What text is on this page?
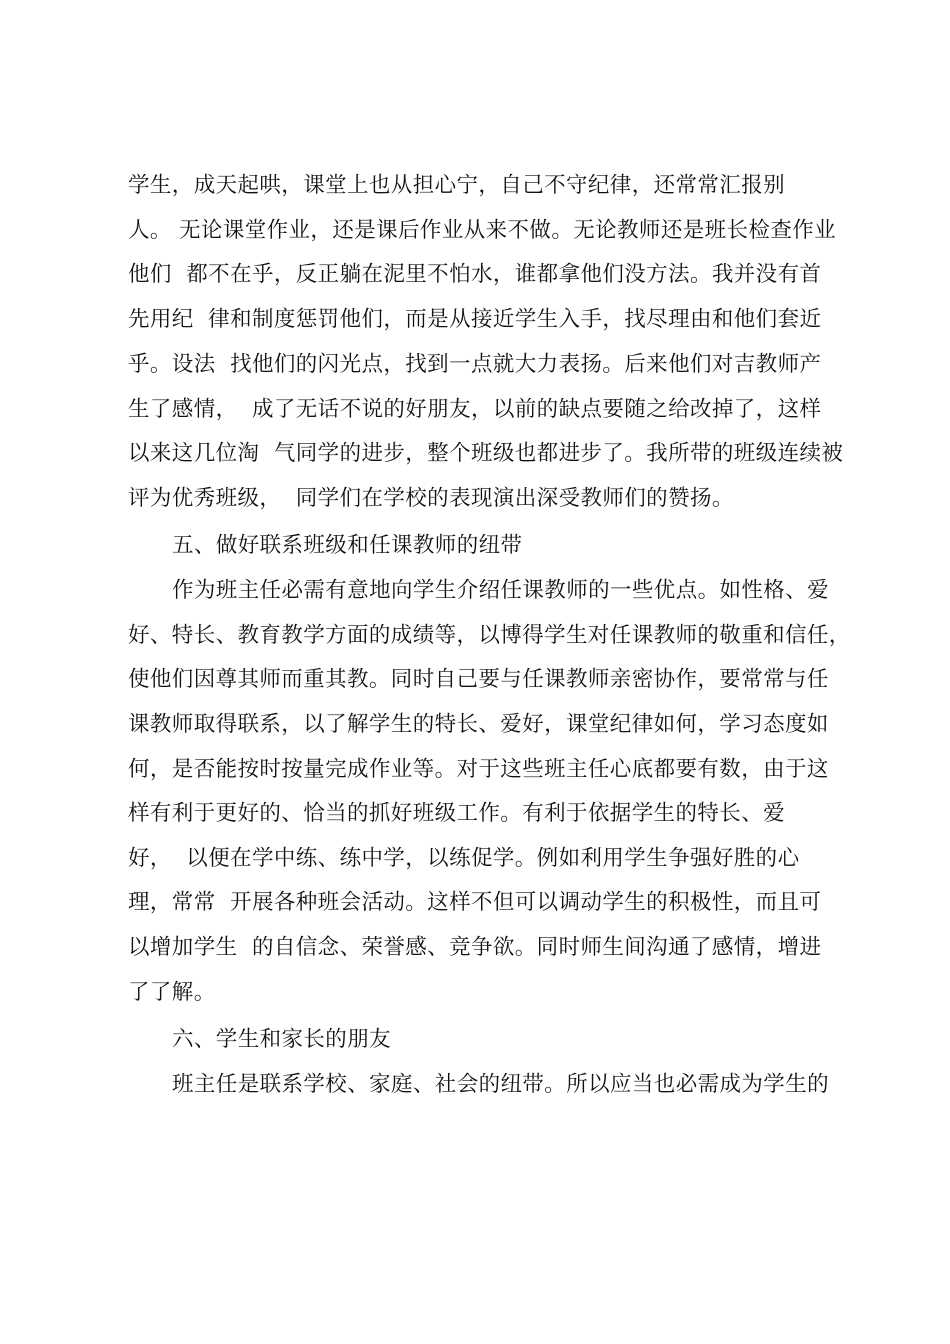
学生，成天起哄，课堂上也从担心宁，自己不守纪律，还常常汇报别
人。 无论课堂作业，还是课后作业从来不做。无论教师还是班长检查作业
他们  都不在乎，反正躺在泥里不怕水，谁都拿他们没方法。我并没有首
先用纪  律和制度惩罚他们，而是从接近学生入手，找尽理由和他们套近
乎。设法  找他们的闪光点，找到一点就大力表扬。后来他们对吉教师产
生了感情，  成了无话不说的好朋友，以前的缺点要随之给改掉了，这样
以来这几位淘  气同学的进步，整个班级也都进步了。我所带的班级连续被
评为优秀班级，  同学们在学校的表现演出深受教师们的赞扬。
五、做好联系班级和任课教师的纽带
作为班主任必需有意地向学生介绍任课教师的一些优点。如性格、爱
好、特长、教育教学方面的成绩等，以博得学生对任课教师的敬重和信任，
使他们因尊其师而重其教。同时自己要与任课教师亲密协作，要常常与任
课教师取得联系，以了解学生的特长、爱好，课堂纪律如何，学习态度如
何，是否能按时按量完成作业等。对于这些班主任心底都要有数，由于这
样有利于更好的、恰当的抓好班级工作。有利于依据学生的特长、爱
好，  以便在学中练、练中学，以练促学。例如利用学生争强好胜的心
理，常常  开展各种班会活动。这样不但可以调动学生的积极性，而且可
以增加学生  的自信念、荣誉感、竞争欲。同时师生间沟通了感情，增进
了了解。
六、学生和家长的朋友
班主任是联系学校、家庭、社会的纽带。所以应当也必需成为学生的
